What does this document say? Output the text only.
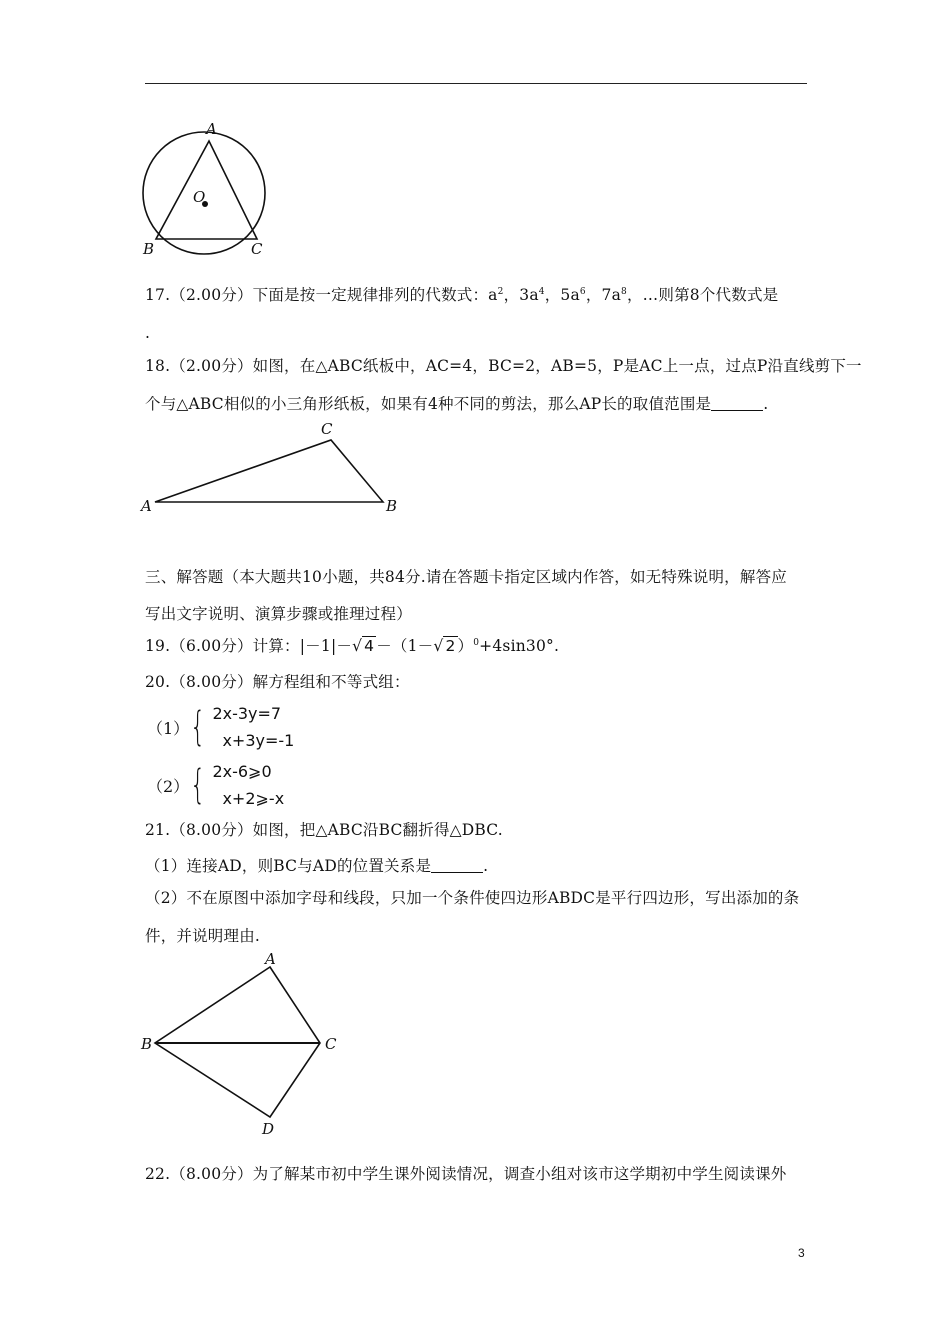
A
O
B	C
17.（2.00分）下面是按一定规律排列的代数式：$a^2$，$3a^4$，$5a^6$，$7a^8$，…则第8个代数式是
.
18.（2.00分）如图，在△ABC纸板中，AC=4，BC=2，AB=5，P是AC上一点，过点P沿直线剪下一
个与△ABC相似的小三角形纸板，如果有4种不同的剪法，那么AP长的取值范围是	.
C
A	B
三、解答题（本大题共10小题，共84分.请在答题卡指定区域内作答，如无特殊说明，解答应
写出文字说明、演算步骤或推理过程）
19.（6.00分）计算：|－1|－√ 4 －（1－√ 2 ）$^0$+4sin30°.
20.（8.00分）解方程组和不等式组：
（1） { 2x-3y=7
x+3y=-1
（2） { 2x-6⩾0
x+2⩾-x
21.（8.00分）如图，把△ABC沿BC翻折得△DBC.
（1）连接AD，则BC与AD的位置关系是	.
（2）不在原图中添加字母和线段，只加一个条件使四边形ABDC是平行四边形，写出添加的条
件，并说明理由.
A
B	C
D
22.（8.00分）为了解某市初中学生课外阅读情况，调查小组对该市这学期初中学生阅读课外
3
